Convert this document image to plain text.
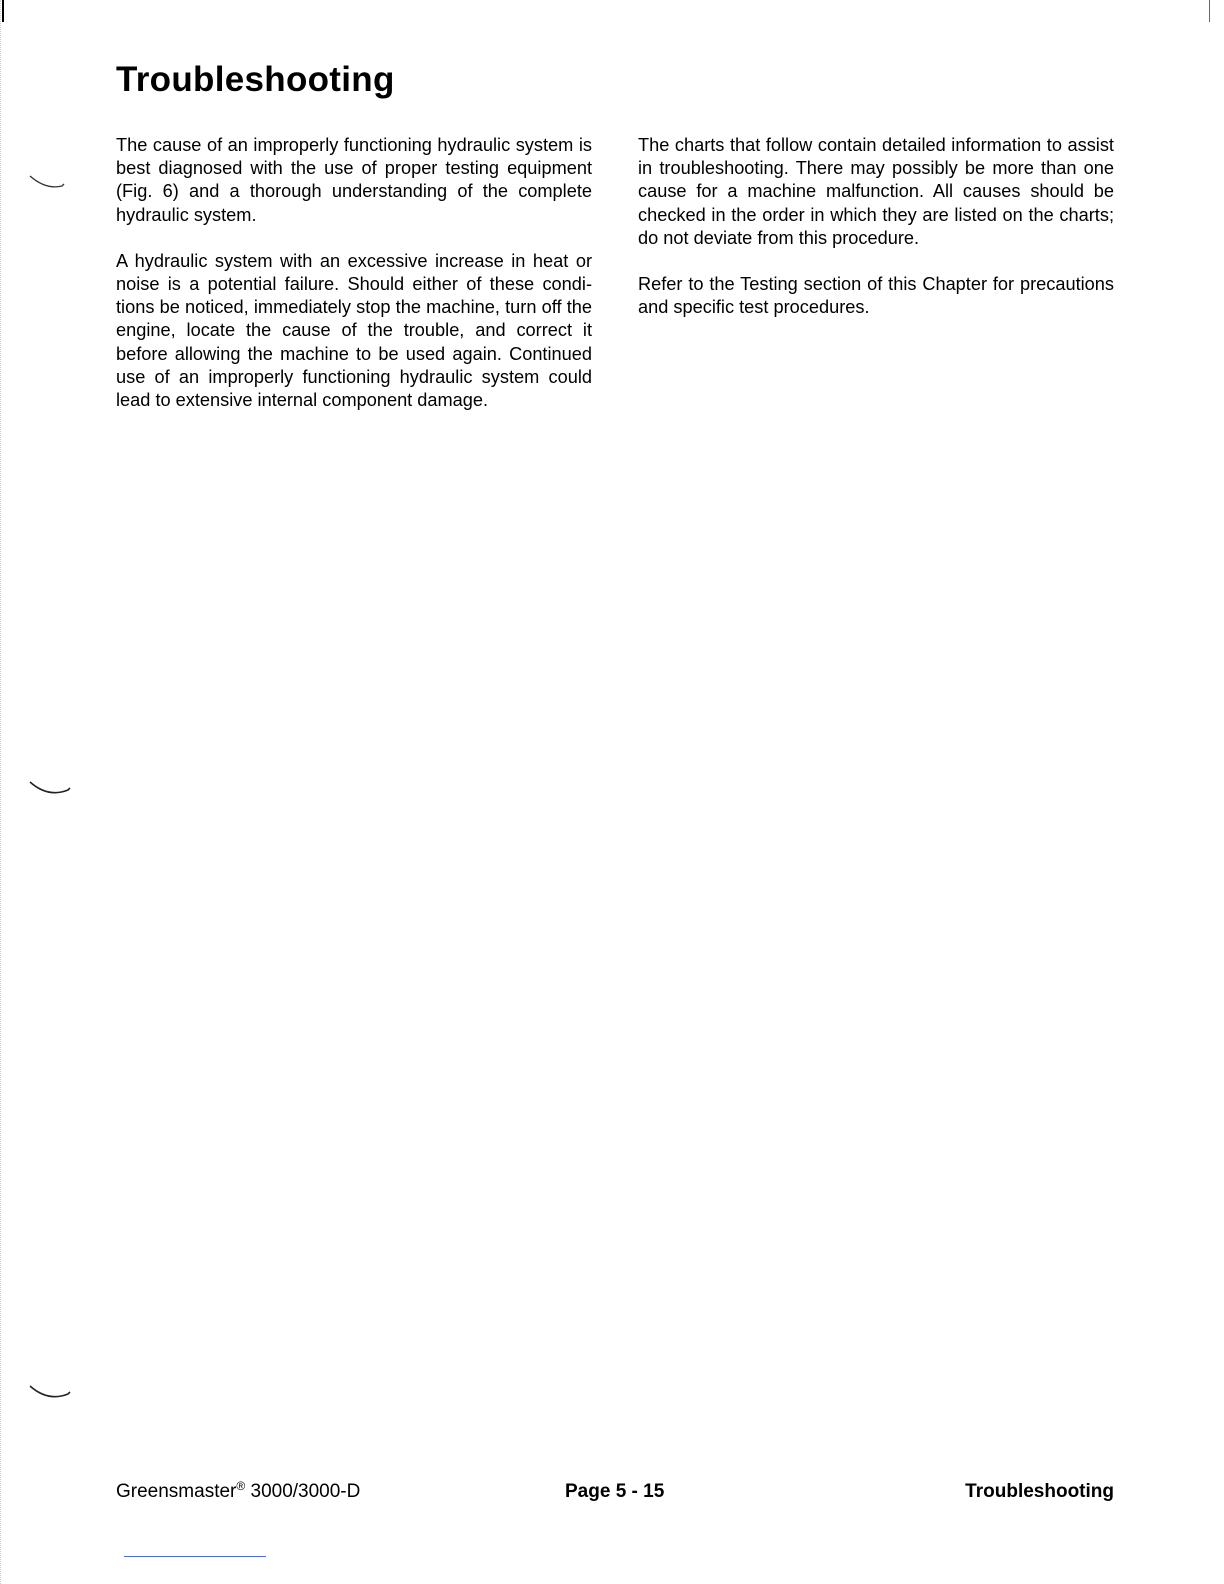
Troubleshooting

The cause of an improperly functioning hydraulic system is best diagnosed with the use of proper testing equipment (Fig. 6) and a thorough understanding of the complete hydraulic system.

A hydraulic system with an excessive increase in heat or noise is a potential failure. Should either of these conditions be noticed, immediately stop the machine, turn off the engine, locate the cause of the trouble, and correct it before allowing the machine to be used again. Continued use of an improperly functioning hydraulic system could lead to extensive internal component damage.

The charts that follow contain detailed information to assist in troubleshooting. There may possibly be more than one cause for a machine malfunction. All causes should be checked in the order in which they are listed on the charts; do not deviate from this procedure.

Refer to the Testing section of this Chapter for precautions and specific test procedures.

Greensmaster® 3000/3000-D	Page 5 - 15	Troubleshooting
